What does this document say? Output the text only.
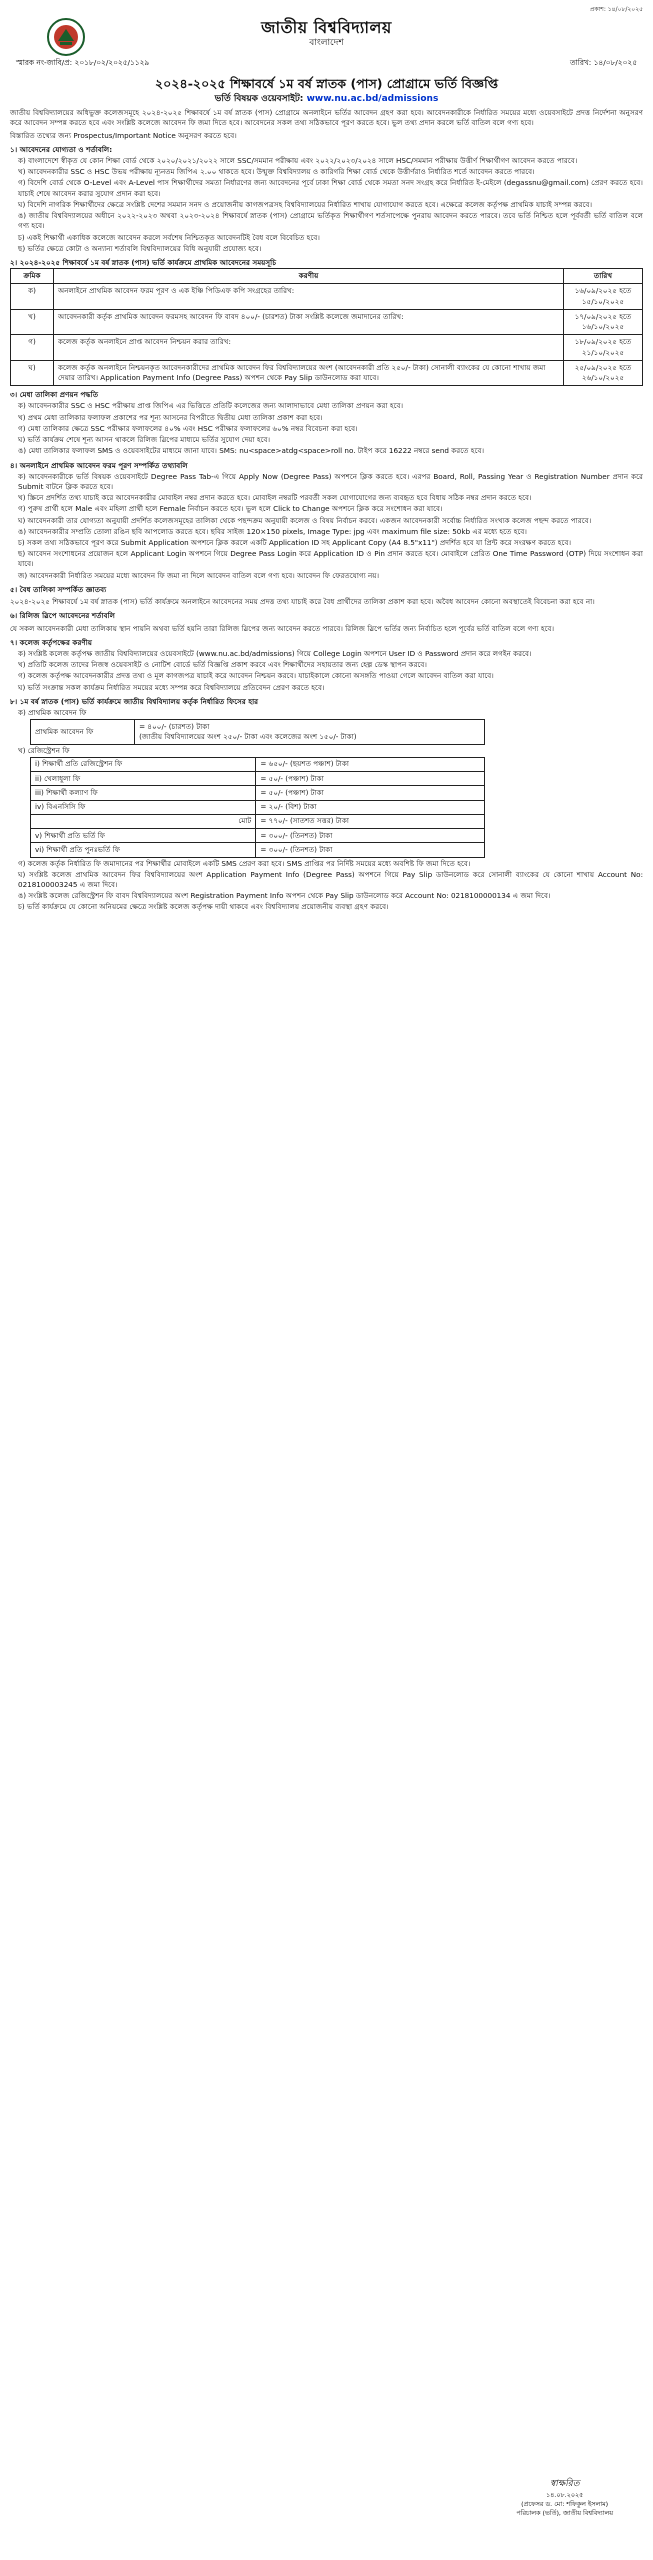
প্রকাশ: ১৪/০৮/২০২৫
জাতীয় বিশ্ববিদ্যালয়
বাংলাদেশ
স্মারক নং-জাবি/প্র: ২০১৮/০২/২০২৫/১১২৯	তারিখ: ১৪/০৮/২০২৫
২০২৪-২০২৫ শিক্ষাবর্ষে ১ম বর্ষ স্নাতক (পাস) প্রোগ্রামে ভর্তি বিজ্ঞপ্তি
ভর্তি বিষয়ক ওয়েবসাইট: www.nu.ac.bd/admissions

জাতীয় বিশ্ববিদ্যালয়ের অধিভুক্ত কলেজসমূহে ২০২৪-২০২৫ শিক্ষাবর্ষে ১ম বর্ষ স্নাতক (পাস) প্রোগ্রামে অনলাইনে ভর্তির আবেদন গ্রহণ করা হবে। আবেদনকারীকে নির্ধারিত সময়ের মধ্যে ওয়েবসাইটে প্রদত্ত নির্দেশনা অনুসরণ করে আবেদন সম্পন্ন করতে হবে এবং সংশ্লিষ্ট কলেজে আবেদন ফি জমা দিতে হবে। আবেদনের সকল তথ্য সঠিকভাবে পূরণ করতে হবে। ভুল তথ্য প্রদান করলে ভর্তি বাতিল বলে গণ্য হবে।

বিস্তারিত তথ্যের জন্য Prospectus/Important Notice অনুসরণ করতে হবে।

১। আবেদনের যোগ্যতা ও শর্তাবলি:
ক) বাংলাদেশে স্বীকৃত যে কোন শিক্ষা বোর্ড থেকে ২০২০/২০২১/২০২২ সালে SSC/সমমান পরীক্ষায় এবং ২০২২/২০২৩/২০২৪ সালে HSC/সমমান পরীক্ষায় উত্তীর্ণ শিক্ষার্থীগণ আবেদন করতে পারবে।
খ) আবেদনকারীর SSC ও HSC উভয় পরীক্ষায় ন্যূনতম জিপিএ ২.০০ থাকতে হবে। উন্মুক্ত বিশ্ববিদ্যালয় ও কারিগরি শিক্ষা বোর্ড থেকে উত্তীর্ণরাও নির্ধারিত শর্তে আবেদন করতে পারবে।
গ) বিদেশি বোর্ড থেকে O-Level এবং A-Level পাস শিক্ষার্থীদের সমতা নির্ধারণের জন্য আবেদনের পূর্বে ঢাকা শিক্ষা বোর্ড থেকে সমতা সনদ সংগ্রহ করে নির্ধারিত ই-মেইলে (degassnu@gmail.com) প্রেরণ করতে হবে। যাচাই শেষে আবেদন করার সুযোগ প্রদান করা হবে।
ঘ) বিদেশি নাগরিক শিক্ষার্থীদের ক্ষেত্রে সংশ্লিষ্ট দেশের সমমান সনদ ও প্রয়োজনীয় কাগজপত্রসহ বিশ্ববিদ্যালয়ের নির্ধারিত শাখায় যোগাযোগ করতে হবে। এক্ষেত্রে কলেজ কর্তৃপক্ষ প্রাথমিক যাচাই সম্পন্ন করবে।
ঙ) জাতীয় বিশ্ববিদ্যালয়ের অধীনে ২০২২-২০২৩ অথবা ২০২৩-২০২৪ শিক্ষাবর্ষে স্নাতক (পাস) প্রোগ্রামে ভর্তিকৃত শিক্ষার্থীগণ শর্তসাপেক্ষে পুনরায় আবেদন করতে পারবে। তবে ভর্তি নিশ্চিত হলে পূর্ববর্তী ভর্তি বাতিল বলে গণ্য হবে।
চ) একই শিক্ষার্থী একাধিক কলেজে আবেদন করলে সর্বশেষ নিশ্চিতকৃত আবেদনটিই বৈধ বলে বিবেচিত হবে।
ছ) ভর্তির ক্ষেত্রে কোটা ও অন্যান্য শর্তাবলি বিশ্ববিদ্যালয়ের বিধি অনুযায়ী প্রযোজ্য হবে।
২। ২০২৪-২০২৫ শিক্ষাবর্ষে ১ম বর্ষ স্নাতক (পাস) ভর্তি কার্যক্রমে প্রাথমিক আবেদনের সময়সূচি
ক্রমিক	করণীয়	তারিখ
ক)	অনলাইনে প্রাথমিক আবেদন ফরম পূরণ ও এক ইঞ্চি পিডিএফ কপি সংগ্রহের তারিখ:	১৬/০৯/২০২৫ হতে ১৫/১০/২০২৫
খ)	আবেদনকারী কর্তৃক প্রাথমিক আবেদন ফরমসহ আবেদন ফি বাবদ ৪০০/- (চারশত) টাকা সংশ্লিষ্ট কলেজে জমাদানের তারিখ:	১৭/০৯/২০২৫ হতে ১৬/১০/২০২৫
গ)	কলেজ কর্তৃক অনলাইনে প্রাপ্ত আবেদন নিশ্চয়ন করার তারিখ:	১৮/০৯/২০২৫ হতে ২১/১০/২০২৫
ঘ)	কলেজ কর্তৃক অনলাইনে নিশ্চয়নকৃত আবেদনকারীদের প্রাথমিক আবেদন ফির বিশ্ববিদ্যালয়ের অংশ (আবেদনকারী প্রতি ২৫০/- টাকা) সোনালী ব্যাংকের যে কোনো শাখায় জমা দেয়ার তারিখ। Application Payment Info (Degree Pass) অপশন থেকে Pay Slip ডাউনলোড করা যাবে।	২৫/০৯/২০২৫ হতে ২৬/১০/২০২৫
৩। মেধা তালিকা প্রণয়ন পদ্ধতি
ক) আবেদনকারীর SSC ও HSC পরীক্ষায় প্রাপ্ত জিপিএ এর ভিত্তিতে প্রতিটি কলেজের জন্য আলাদাভাবে মেধা তালিকা প্রণয়ন করা হবে।
খ) প্রথম মেধা তালিকার ফলাফল প্রকাশের পর শূন্য আসনের বিপরীতে দ্বিতীয় মেধা তালিকা প্রকাশ করা হবে।
গ) মেধা তালিকার ক্ষেত্রে SSC পরীক্ষার ফলাফলের ৪০% এবং HSC পরীক্ষার ফলাফলের ৬০% নম্বর বিবেচনা করা হবে।
ঘ) ভর্তি কার্যক্রম শেষে শূন্য আসন থাকলে রিলিজ স্লিপের মাধ্যমে ভর্তির সুযোগ দেয়া হবে।
ঙ) মেধা তালিকার ফলাফল SMS ও ওয়েবসাইটের মাধ্যমে জানা যাবে। SMS: nu<space>atdg<space>roll no. টাইপ করে 16222 নম্বরে send করতে হবে।
৪। অনলাইনে প্রাথমিক আবেদন ফরম পূরণ সম্পর্কিত তথ্যাবলি
ক) আবেদনকারীকে ভর্তি বিষয়ক ওয়েবসাইটে Degree Pass Tab-এ গিয়ে Apply Now (Degree Pass) অপশনে ক্লিক করতে হবে। এরপর Board, Roll, Passing Year ও Registration Number প্রদান করে Submit বাটনে ক্লিক করতে হবে।
খ) স্ক্রিনে প্রদর্শিত তথ্য যাচাই করে আবেদনকারীর মোবাইল নম্বর প্রদান করতে হবে। মোবাইল নম্বরটি পরবর্তী সকল যোগাযোগের জন্য ব্যবহৃত হবে বিধায় সঠিক নম্বর প্রদান করতে হবে।
গ) পুরুষ প্রার্থী হলে Male এবং মহিলা প্রার্থী হলে Female নির্বাচন করতে হবে। ভুল হলে Click to Change অপশনে ক্লিক করে সংশোধন করা যাবে।
ঘ) আবেদনকারী তার যোগ্যতা অনুযায়ী প্রদর্শিত কলেজসমূহের তালিকা থেকে পছন্দক্রম অনুযায়ী কলেজ ও বিষয় নির্বাচন করবে। একজন আবেদনকারী সর্বোচ্চ নির্ধারিত সংখ্যক কলেজ পছন্দ করতে পারবে।
ঙ) আবেদনকারীর সম্প্রতি তোলা রঙিন ছবি আপলোড করতে হবে। ছবির সাইজ 120×150 pixels, Image Type: jpg এবং maximum file size: 50kb এর মধ্যে হতে হবে।
চ) সকল তথ্য সঠিকভাবে পূরণ করে Submit Application অপশনে ক্লিক করলে একটি Application ID সহ Applicant Copy (A4 8.5"x11") প্রদর্শিত হবে যা প্রিন্ট করে সংরক্ষণ করতে হবে।
ছ) আবেদন সংশোধনের প্রয়োজন হলে Applicant Login অপশনে গিয়ে Degree Pass Login করে Application ID ও Pin প্রদান করতে হবে। মোবাইলে প্রেরিত One Time Password (OTP) দিয়ে সংশোধন করা যাবে।
জ) আবেদনকারী নির্ধারিত সময়ের মধ্যে আবেদন ফি জমা না দিলে আবেদন বাতিল বলে গণ্য হবে। আবেদন ফি ফেরতযোগ্য নয়।
৫। বৈধ তালিকা সম্পর্কিত জ্ঞাতব্য

২০২৪-২০২৫ শিক্ষাবর্ষে ১ম বর্ষ স্নাতক (পাস) ভর্তি কার্যক্রমে অনলাইনে আবেদনের সময় প্রদত্ত তথ্য যাচাই করে বৈধ প্রার্থীদের তালিকা প্রকাশ করা হবে। অবৈধ আবেদন কোনো অবস্থাতেই বিবেচনা করা হবে না।

৬। রিলিজ স্লিপে আবেদনের শর্তাবলি

যে সকল আবেদনকারী মেধা তালিকায় স্থান পায়নি অথবা ভর্তি হয়নি তারা রিলিজ স্লিপের জন্য আবেদন করতে পারবে। রিলিজ স্লিপে ভর্তির জন্য নির্বাচিত হলে পূর্বের ভর্তি বাতিল বলে গণ্য হবে।

৭। কলেজ কর্তৃপক্ষের করণীয়
ক) সংশ্লিষ্ট কলেজ কর্তৃপক্ষ জাতীয় বিশ্ববিদ্যালয়ের ওয়েবসাইটে (www.nu.ac.bd/admissions) গিয়ে College Login অপশনে User ID ও Password প্রদান করে লগইন করবে।
খ) প্রতিটি কলেজ তাদের নিজস্ব ওয়েবসাইট ও নোটিশ বোর্ডে ভর্তি বিজ্ঞপ্তি প্রকাশ করবে এবং শিক্ষার্থীদের সহায়তার জন্য হেল্প ডেস্ক স্থাপন করবে।
গ) কলেজ কর্তৃপক্ষ আবেদনকারীর প্রদত্ত তথ্য ও মূল কাগজপত্র যাচাই করে আবেদন নিশ্চয়ন করবে। যাচাইকালে কোনো অসঙ্গতি পাওয়া গেলে আবেদন বাতিল করা যাবে।
ঘ) ভর্তি সংক্রান্ত সকল কার্যক্রম নির্ধারিত সময়ের মধ্যে সম্পন্ন করে বিশ্ববিদ্যালয়ে প্রতিবেদন প্রেরণ করতে হবে।
৮। ১ম বর্ষ স্নাতক (পাস) ভর্তি কার্যক্রমে জাতীয় বিশ্ববিদ্যালয় কর্তৃক নির্ধারিত ফিসের হার
ক) প্রাথমিক আবেদন ফি
প্রাথমিক আবেদন ফি	= ৪০০/- (চারশত) টাকা
(জাতীয় বিশ্ববিদ্যালয়ের অংশ ২৫০/- টাকা এবং কলেজের অংশ ১৫০/- টাকা)
খ) রেজিস্ট্রেশন ফি
i) শিক্ষার্থী প্রতি রেজিস্ট্রেশন ফি	= ৬৫০/- (ছয়শত পঞ্চাশ) টাকা
ii) খেলাধুলা ফি	= ৫০/- (পঞ্চাশ) টাকা
iii) শিক্ষার্থী কল্যাণ ফি	= ৫০/- (পঞ্চাশ) টাকা
iv) বিএনসিসি ফি	= ২০/- (বিশ) টাকা
মোট	= ৭৭০/- (সাতশত সত্তর) টাকা
v) শিক্ষার্থী প্রতি ভর্তি ফি	= ৩০০/- (তিনশত) টাকা
vi) শিক্ষার্থী প্রতি পুনঃভর্তি ফি	= ৩০০/- (তিনশত) টাকা
গ) কলেজ কর্তৃক নির্ধারিত ফি জমাদানের পর শিক্ষার্থীর মোবাইলে একটি SMS প্রেরণ করা হবে। SMS প্রাপ্তির পর নির্দিষ্ট সময়ের মধ্যে অবশিষ্ট ফি জমা দিতে হবে।
ঘ) সংশ্লিষ্ট কলেজ প্রাথমিক আবেদন ফির বিশ্ববিদ্যালয়ের অংশ Application Payment Info (Degree Pass) অপশনে গিয়ে Pay Slip ডাউনলোড করে সোনালী ব্যাংকের যে কোনো শাখায় Account No: 0218100003245 এ জমা দিবে।
ঙ) সংশ্লিষ্ট কলেজ রেজিস্ট্রেশন ফি বাবদ বিশ্ববিদ্যালয়ের অংশ Registration Payment Info অপশন থেকে Pay Slip ডাউনলোড করে Account No: 0218100000134 এ জমা দিবে।
চ) ভর্তি কার্যক্রমে যে কোনো অনিয়মের ক্ষেত্রে সংশ্লিষ্ট কলেজ কর্তৃপক্ষ দায়ী থাকবে এবং বিশ্ববিদ্যালয় প্রয়োজনীয় ব্যবস্থা গ্রহণ করবে।
স্বাক্ষরিত
১৪.০৮.২০২৫
(প্রফেসর ড. মো: শফিকুল ইসলাম)
পরিচালক (ভর্তি), জাতীয় বিশ্ববিদ্যালয়
